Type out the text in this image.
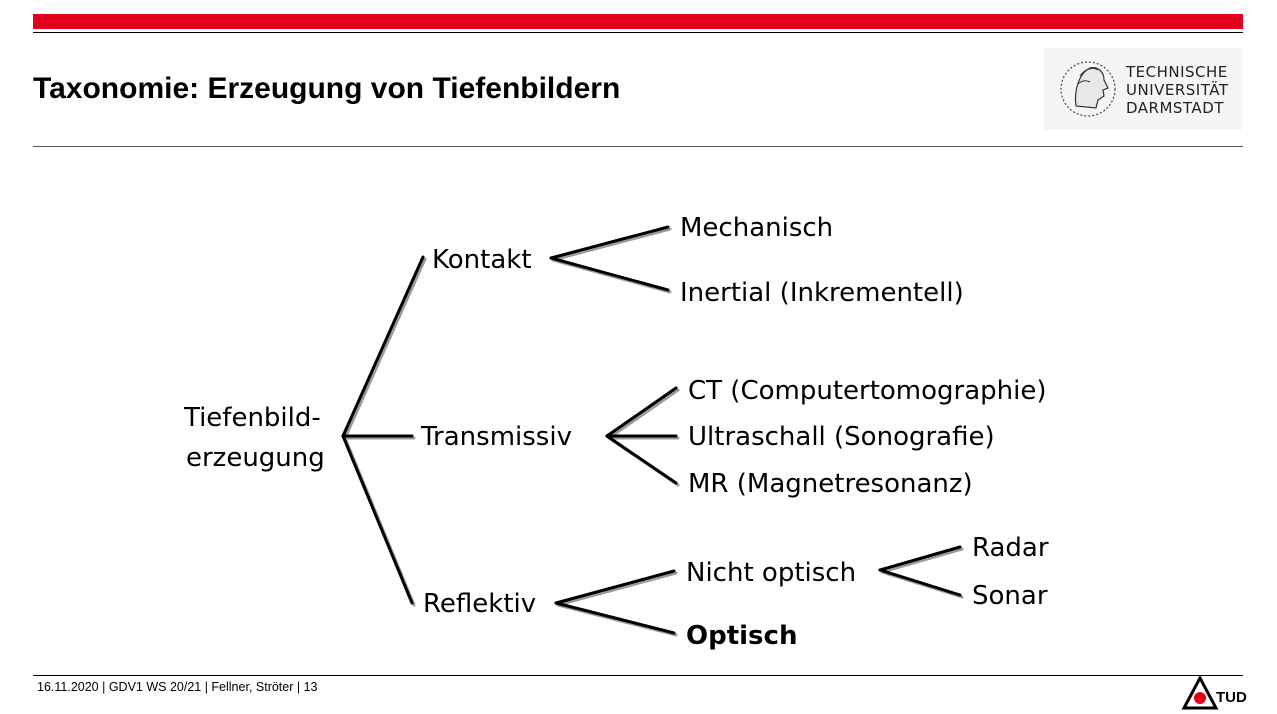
Taxonomie: Erzeugung von Tiefenbildern	TECHNISCHE
UNIVERSITÄT
DARMSTADT
Tiefenbild-
erzeugung
Kontakt
Mechanisch
Inertial (Inkrementell)
Transmissiv
CT (Computertomographie)
Ultraschall (Sonografie)
MR (Magnetresonanz)
Reflektiv
Nicht optisch
Radar
Sonar
Optisch
16.11.2020 | GDV1 WS 20/21 | Fellner, Ströter | 13
TUD
